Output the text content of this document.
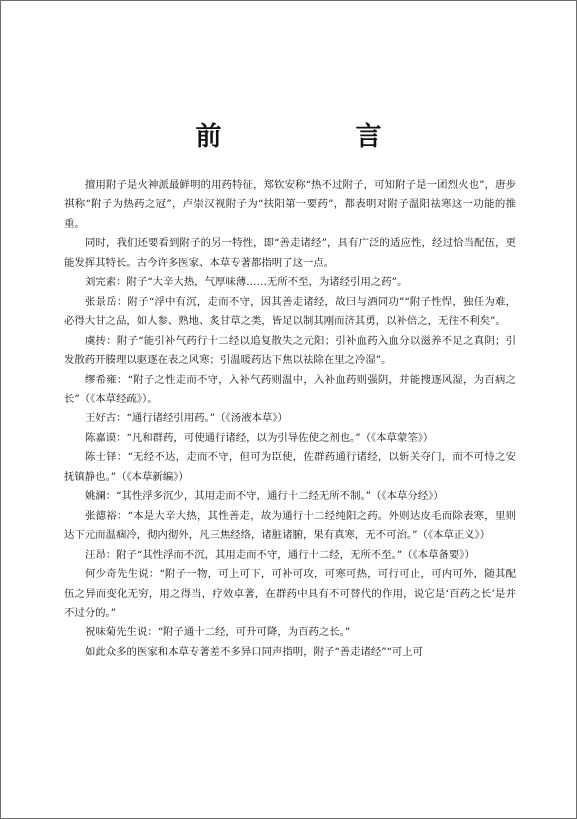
前　言

擅用附子是火神派最鲜明的用药特征，郑钦安称“热不过附子，可知附子是一团烈火也”，唐步祺称“附子为热药之冠”，卢崇汉视附子为“扶阳第一要药”，都表明对附子温阳祛寒这一功能的推重。

同时，我们还要看到附子的另一特性，即“善走诸经”，具有广泛的适应性，经过恰当配伍，更能发挥其特长。古今许多医家、本草专著都指明了这一点。

刘完素：附子“大辛大热，气厚味薄……无所不至，为诸经引用之药”。

张景岳：附子“浮中有沉，走而不守，因其善走诸经，故曰与酒同功”“附子性悍，独任为难，必得大甘之品，如人参、熟地、炙甘草之类，皆足以制其刚而济其勇，以补倍之，无往不利矣”。

虞抟：附子“能引补气药行十二经以追复散失之元阳；引补血药入血分以滋养不足之真阴；引发散药开腠理以驱逐在表之风寒；引温暖药达下焦以祛除在里之冷湿”。

缪希雍：“附子之性走而不守，入补气药则温中，入补血药则强阴，并能搜逐风湿，为百病之长”（《本草经疏》）。

王好古：“通行诸经引用药。”（《汤液本草》）

陈嘉谟：“凡和群药，可使通行诸经，以为引导佐使之剂也。”（《本草蒙筌》）

陈士铎：“无经不达，走而不守，但可为臣使，佐群药通行诸经，以斩关夺门，而不可恃之安抚镇静也。”（《本草新编》）

姚澜：“其性浮多沉少，其用走而不守，通行十二经无所不制。”（《本草分经》）

张德裕：“本是大辛大热，其性善走，故为通行十二经纯阳之药。外则达皮毛而除表寒，里则达下元而温痼冷，彻内彻外，凡三焦经络，诸脏诸腑，果有真寒，无不可治。”（《本草正义》）

汪昂：附子“其性浮而不沉，其用走而不守，通行十二经，无所不至。”（《本草备要》）

何少奇先生说：“附子一物，可上可下，可补可攻，可寒可热，可行可止，可内可外，随其配伍之异而变化无穷，用之得当，疗效卓著，在群药中具有不可替代的作用，说它是‘百药之长’是并不过分的。”

祝味菊先生说：“附子通十二经，可升可降，为百药之长。”

如此众多的医家和本草专著差不多异口同声指明，附子“善走诸经”“可上可
